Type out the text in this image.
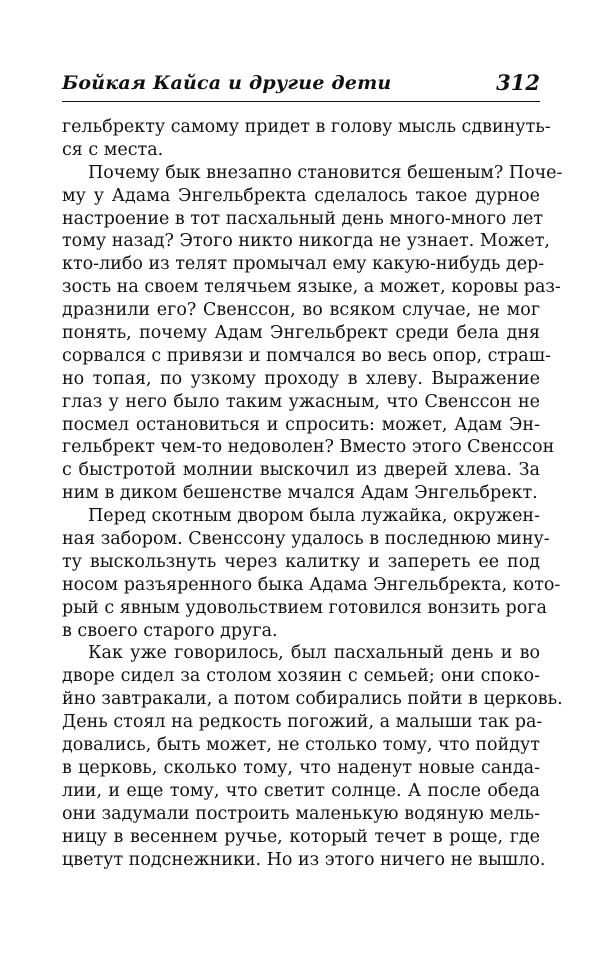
Бойкая Кайса и другие дети	312
гельбректу самому придет в голову мысль сдвинуть-
ся с места.
Почему бык внезапно становится бешеным? Поче-
му у Адама Энгельбректа сделалось такое дурное
настроение в тот пасхальный день много-много лет
тому назад? Этого никто никогда не узнает. Может,
кто-либо из телят промычал ему какую-нибудь дер-
зость на своем телячьем языке, а может, коровы раз-
дразнили его? Свенссон, во всяком случае, не мог
понять, почему Адам Энгельбрект среди бела дня
сорвался с привязи и помчался во весь опор, страш-
но топая, по узкому проходу в хлеву. Выражение
глаз у него было таким ужасным, что Свенссон не
посмел остановиться и спросить: может, Адам Эн-
гельбрект чем-то недоволен? Вместо этого Свенссон
с быстротой молнии выскочил из дверей хлева. За
ним в диком бешенстве мчался Адам Энгельбрект.
Перед скотным двором была лужайка, окружен-
ная забором. Свенссону удалось в последнюю мину-
ту выскользнуть через калитку и запереть ее под
носом разъяренного быка Адама Энгельбректа, кото-
рый с явным удовольствием готовился вонзить рога
в своего старого друга.
Как уже говорилось, был пасхальный день и во
дворе сидел за столом хозяин с семьей; они споко-
йно завтракали, а потом собирались пойти в церковь.
День стоял на редкость погожий, а малыши так ра-
довались, быть может, не столько тому, что пойдут
в церковь, сколько тому, что наденут новые санда-
лии, и еще тому, что светит солнце. А после обеда
они задумали построить маленькую водяную мель-
ницу в весеннем ручье, который течет в роще, где
цветут подснежники. Но из этого ничего не вышло.
